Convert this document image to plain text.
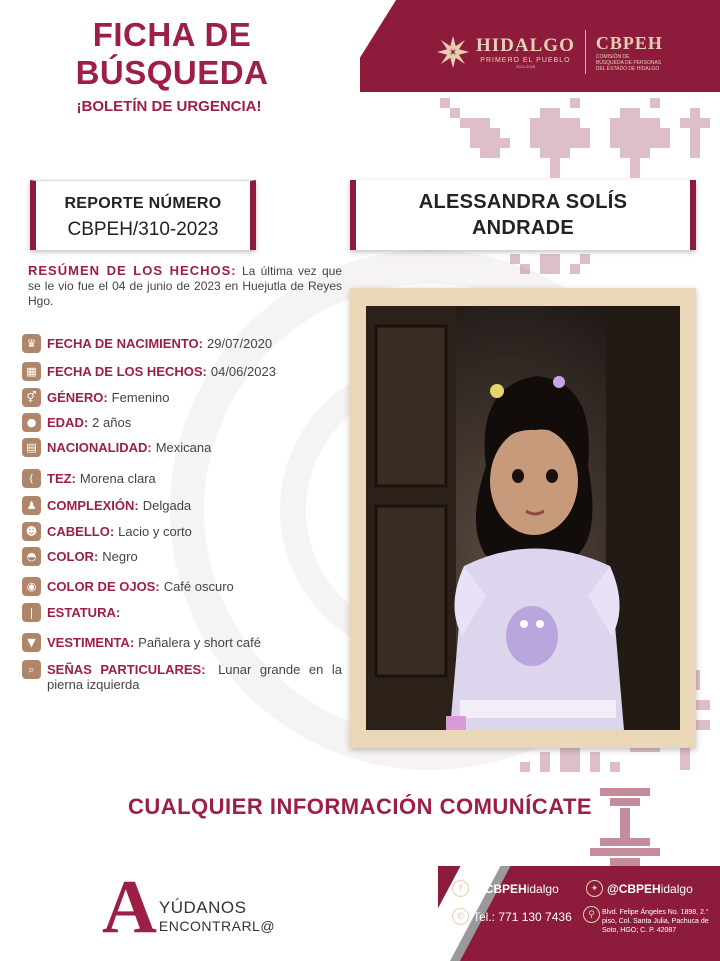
FICHA DE
BÚSQUEDA
¡BOLETÍN DE URGENCIA!
HIDALGO
PRIMERO EL PUEBLO
2022-2028
CBPEH
COMISIÓN DE
BÚSQUEDA DE PERSONAS
DEL ESTADO DE HIDALGO
REPORTE NÚMERO
CBPEH/310-2023
ALESSANDRA SOLÍS
ANDRADE
RESÚMEN DE LOS HECHOS: La última vez que se le vio fue el 04 de junio de 2023 en Huejutla de Reyes Hgo.
♛ FECHA DE NACIMIENTO: 29/07/2020
▦ FECHA DE LOS HECHOS: 04/06/2023
⚥ GÉNERO: Femenino
● EDAD: 2 años
▤ NACIONALIDAD: Mexicana
(	TEZ: Morena clara
♟ COMPLEXIÓN: Delgada
☻ CABELLO: Lacio y corto
◓ COLOR: Negro
◉ COLOR DE OJOS: Café oscuro
|	ESTATURA:
▼ VESTIMENTA: Pañalera y short café
⌕ SEÑAS PARTICULARES: Lunar grande en la pierna izquierda
CUALQUIER INFORMACIÓN COMUNÍCATE
A YÚDANOS
ENCONTRARL@
f @CBPEH idalgo	✦ @CBPEH idalgo
✆ Tel.: 771 130 7436	⚲	Blvd. Felipe Ángeles No. 1898, 2.° piso, Col. Santa Julia, Pachuca de Soto, HGO; C. P. 42087
